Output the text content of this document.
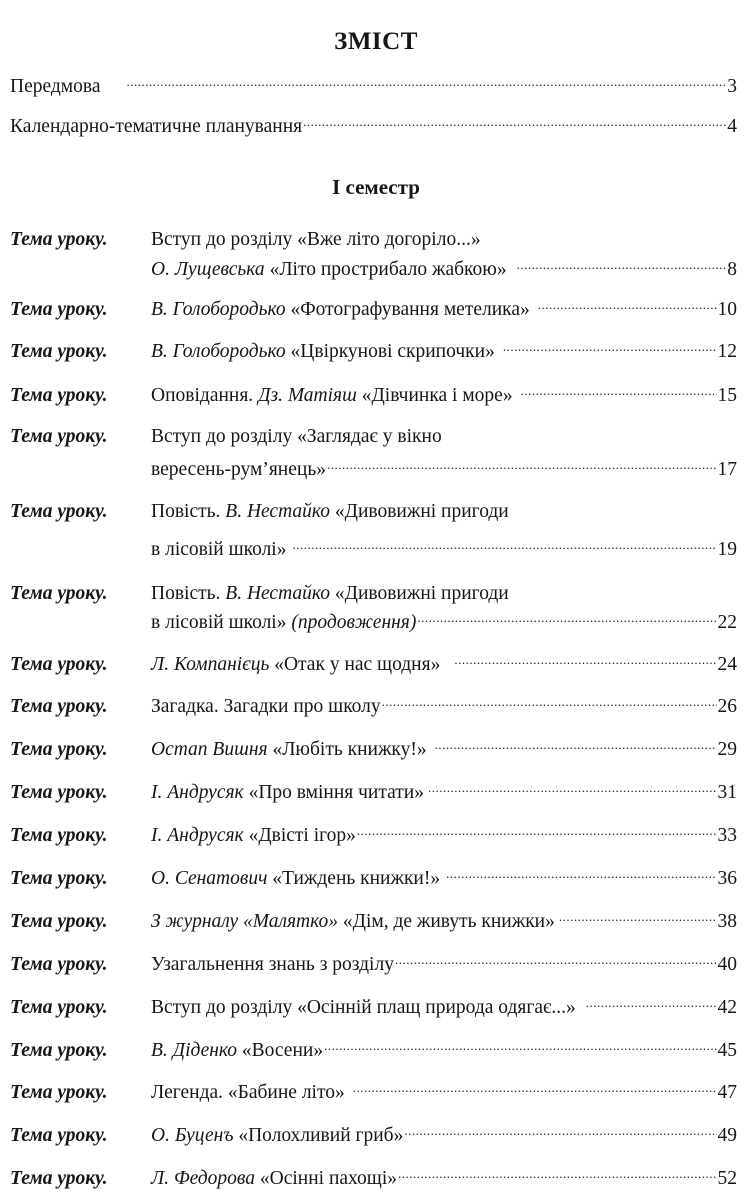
ЗМІСТ
Передмова .....	3
Календарно-тематичне планування .....	4
І семестр
Тема уроку.	Вступ до розділу «Вже літо догоріло...»
О. Лущевська
«Літо прострибало жабкою» .....	8
Тема уроку.	В. Голобородько
«Фотографування метелика» .....	10
Тема уроку.	В. Голобородько
«Цвіркунові скрипочки» .....	12
Тема уроку.	Оповідання.
Дз. Матіяш
«Дівчинка і море» .....	15
Тема уроку.	Вступ до розділу «Заглядає у вікно
вересень-рум’янець» .....	17
Тема уроку.	Повість.
В. Нестайко
«Дивовижні пригоди
в лісовій школі» .....	19
Тема уроку.	Повість.
В. Нестайко
«Дивовижні пригоди
в лісовій школі»
(продовження) .....	22
Тема уроку.	Л. Компанієць
«Отак у нас щодня» .....	24
Тема уроку.	Загадка. Загадки про школу .....	26
Тема уроку.	Остап Вишня
«Любіть книжку!» .....	29
Тема уроку.	І. Андрусяк
«Про вміння читати» .....	31
Тема уроку.	І. Андрусяк
«Двісті ігор» .....	33
Тема уроку.	О. Сенатович
«Тиждень книжки!» .....	36
Тема уроку.	З журналу «Малятко»
«Дім, де живуть книжки» .....	38
Тема уроку.	Узагальнення знань з розділу .....	40
Тема уроку.	Вступ до розділу «Осінній плащ природа одягає...» .....	42
Тема уроку.	В. Діденко
«Восени» .....	45
Тема уроку.	Легенда. «Бабине літо» .....	47
Тема уроку.	О. Буценъ
«Полохливий гриб» .....	49
Тема уроку.	Л. Федорова
«Осінні пахощі» .....	52
